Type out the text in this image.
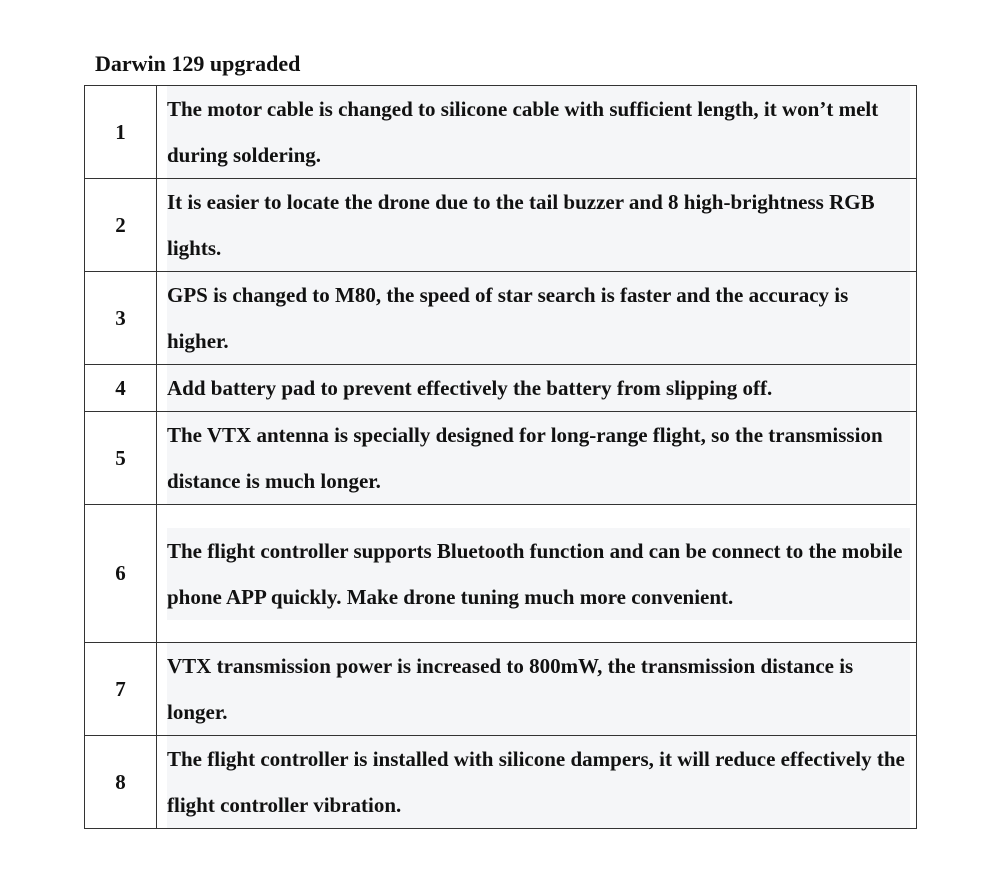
Darwin 129 upgraded
1	The motor cable is changed to silicone cable with sufficient length, it won’t melt during soldering.

2	It is easier to locate the drone due to the tail buzzer and 8 high-brightness RGB lights.

3	GPS is changed to M80, the speed of star search is faster and the accuracy is higher.

4	Add battery pad to prevent effectively the battery from slipping off.

5	The VTX antenna is specially designed for long-range flight, so the transmission distance is much longer.

6	The flight controller supports Bluetooth function and can be connect to the mobile phone APP quickly. Make drone tuning much more convenient.

7	VTX transmission power is increased to 800mW, the transmission distance is longer.

8	The flight controller is installed with silicone dampers, it will reduce effectively the flight controller vibration.
